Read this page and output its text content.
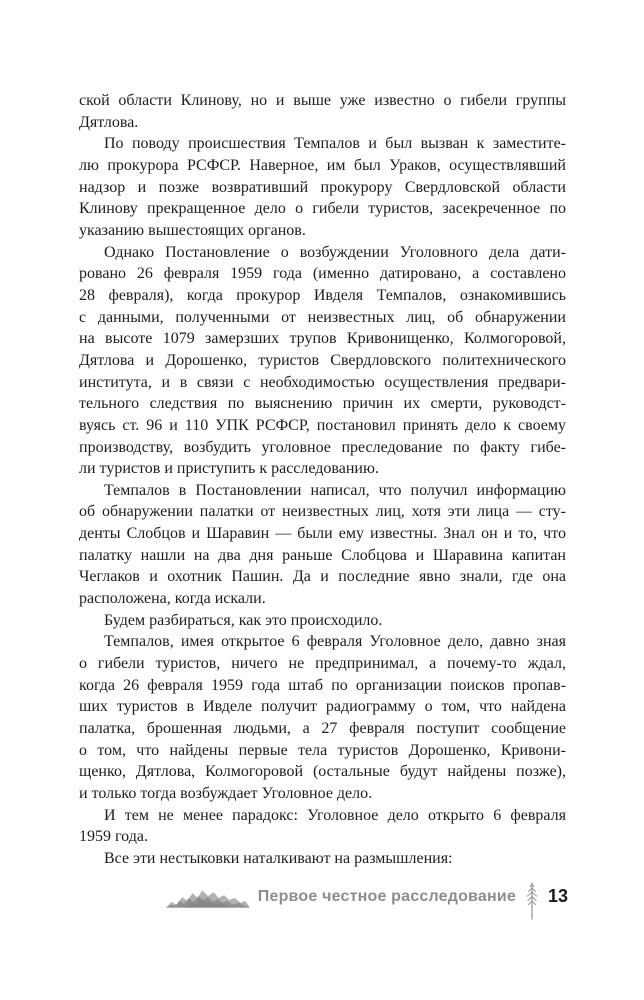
ской области Клинову, но и выше уже известно о гибели группы
Дятлова.
По поводу происшествия Темпалов и был вызван к заместите-
лю прокурора РСФСР. Наверное, им был Ураков, осуществлявший
надзор и позже возвративший прокурору Свердловской области
Клинову прекращенное дело о гибели туристов, засекреченное по
указанию вышестоящих органов.
Однако Постановление о возбуждении Уголовного дела дати-
ровано 26 февраля 1959 года (именно датировано, а составлено
28 февраля), когда прокурор Ивделя Темпалов, ознакомившись
с данными, полученными от неизвестных лиц, об обнаружении
на высоте 1079 замерзших трупов Кривонищенко, Колмогоровой,
Дятлова и Дорошенко, туристов Свердловского политехнического
института, и в связи с необходимостью осуществления предвари-
тельного следствия по выяснению причин их смерти, руководст-
вуясь ст. 96 и 110 УПК РСФСР, постановил принять дело к своему
производству, возбудить уголовное преследование по факту гибе-
ли туристов и приступить к расследованию.
Темпалов в Постановлении написал, что получил информацию
об обнаружении палатки от неизвестных лиц, хотя эти лица — сту-
денты Слобцов и Шаравин — были ему известны. Знал он и то, что
палатку нашли на два дня раньше Слобцова и Шаравина капитан
Чеглаков и охотник Пашин. Да и последние явно знали, где она
расположена, когда искали.
Будем разбираться, как это происходило.
Темпалов, имея открытое 6 февраля Уголовное дело, давно зная
о гибели туристов, ничего не предпринимал, а почему-то ждал,
когда 26 февраля 1959 года штаб по организации поисков пропав-
ших туристов в Ивделе получит радиограмму о том, что найдена
палатка, брошенная людьми, а 27 февраля поступит сообщение
о том, что найдены первые тела туристов Дорошенко, Кривони-
щенко, Дятлова, Колмогоровой (остальные будут найдены позже),
и только тогда возбуждает Уголовное дело.
И тем не менее парадокс: Уголовное дело открыто 6 февраля
1959 года.
Все эти нестыковки наталкивают на размышления:
Первое честное расследование 13
